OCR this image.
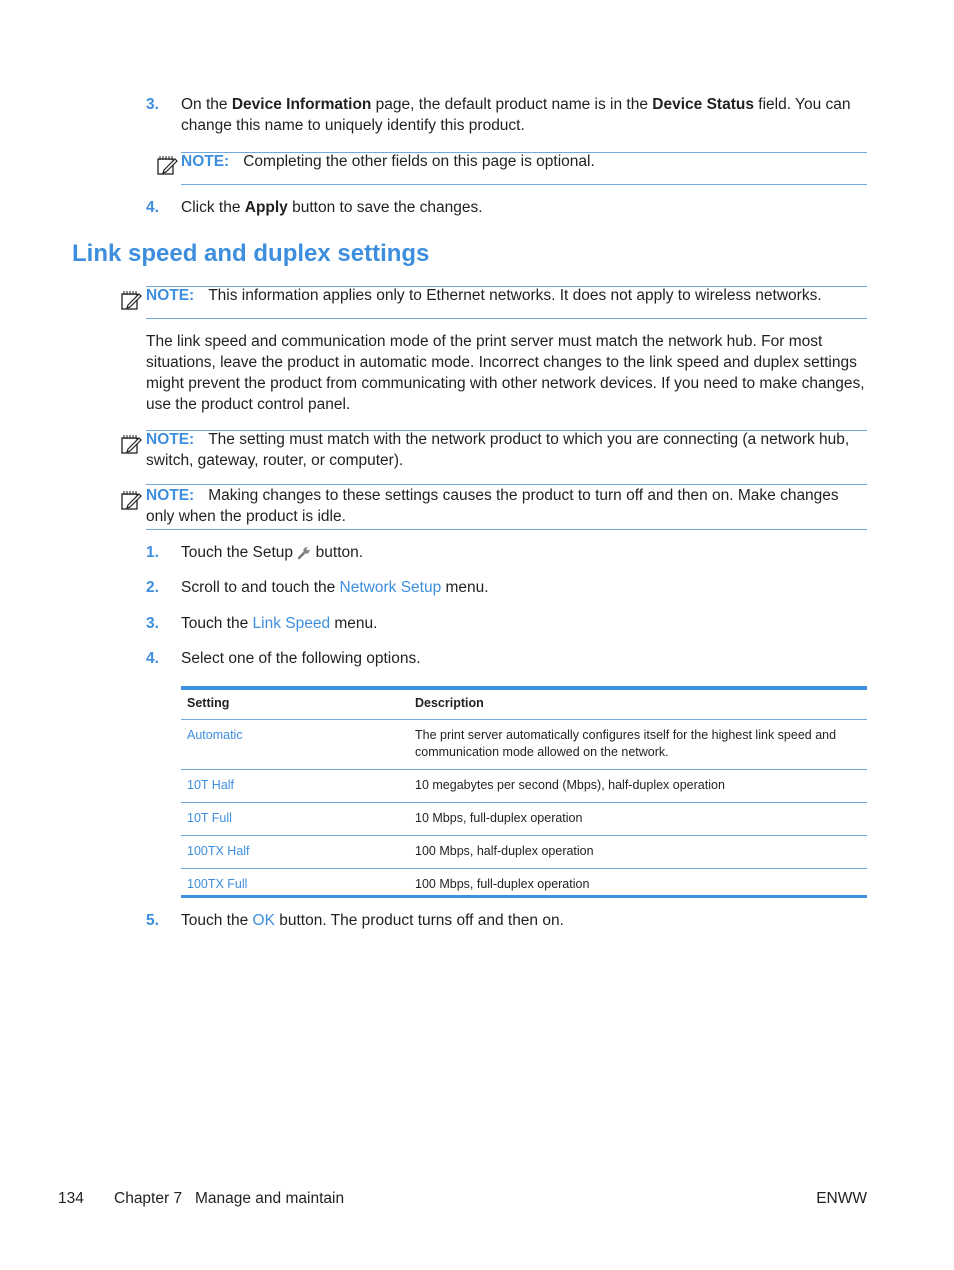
3. On the Device Information page, the default product name is in the Device Status field. You can change this name to uniquely identify this product.
NOTE: Completing the other fields on this page is optional.
4. Click the Apply button to save the changes.
Link speed and duplex settings
NOTE: This information applies only to Ethernet networks. It does not apply to wireless networks.
The link speed and communication mode of the print server must match the network hub. For most situations, leave the product in automatic mode. Incorrect changes to the link speed and duplex settings might prevent the product from communicating with other network devices. If you need to make changes, use the product control panel.
NOTE: The setting must match with the network product to which you are connecting (a network hub, switch, gateway, router, or computer).
NOTE: Making changes to these settings causes the product to turn off and then on. Make changes only when the product is idle.
1. Touch the Setup  button.
2. Scroll to and touch the Network Setup menu.
3. Touch the Link Speed menu.
4. Select one of the following options.
Setting	Description
Automatic	The print server automatically configures itself for the highest link speed and communication mode allowed on the network.
10T Half	10 megabytes per second (Mbps), half-duplex operation
10T Full	10 Mbps, full-duplex operation
100TX Half	100 Mbps, half-duplex operation
100TX Full	100 Mbps, full-duplex operation
5. Touch the OK button. The product turns off and then on.
134 Chapter 7   Manage and maintain	ENWW
